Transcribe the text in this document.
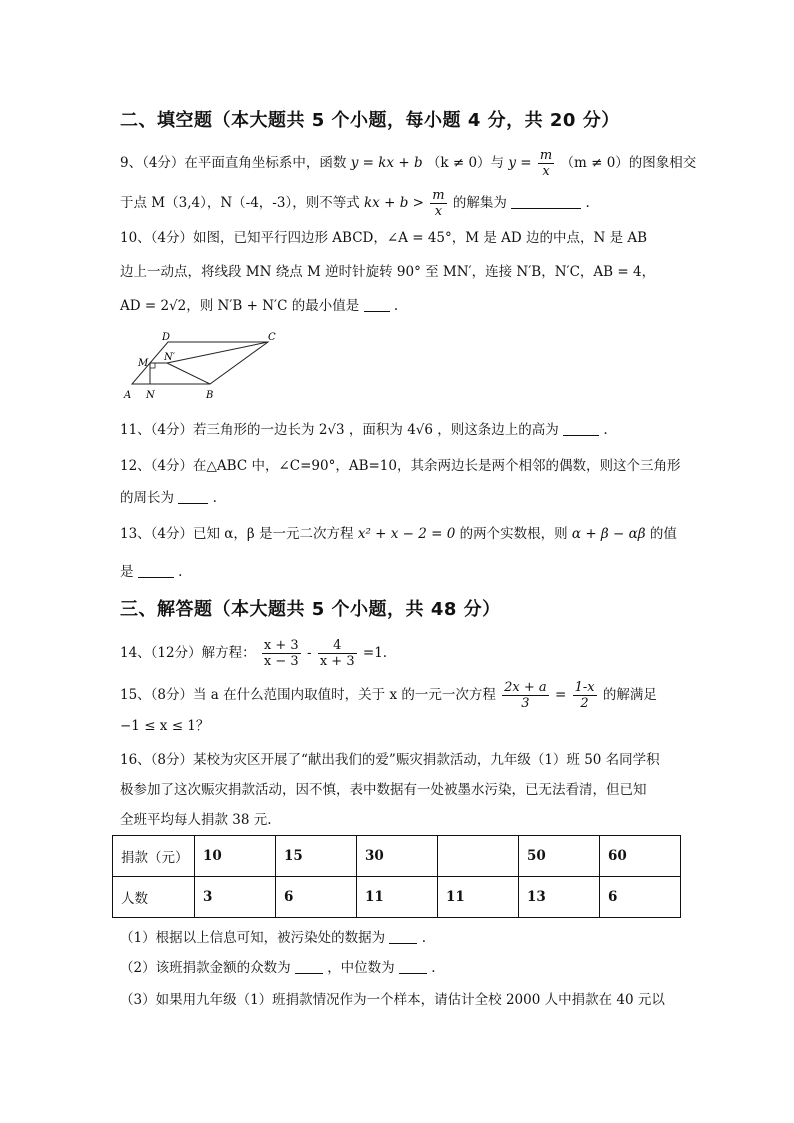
二、填空题（本大题共 5 个小题，每小题 4 分，共 20 分）
9、（4分）在平面直角坐标系中，函数 y = kx + b （k ≠ 0）与 $y = \frac{m}{x} (m \ne 0)$的图象相交
于点 M（3,4），N（-4，-3），则不等式 kx + $b > \frac{m}{x}$ 的解集为	.
10、（4分）如图，已知平行四边形 ABCD，∠A = 45°，M 是 AD 边的中点，N 是 AB
边上一动点，将线段 MN 绕点 M 逆时针旋转 90° 至 MN′，连接 N′B，N′C，AB = 4，
AD = 2√2，则 N′B + N′C 的最小值是	.
A	B
C
D
M
N
N′
11、（4分）若三角形的一边长为 2√3 ，面积为 4√6 ，则这条边上的高为	.
12、（4分）在△ABC 中，∠C=90°，AB=10，其余两边长是两个相邻的偶数，则这个三角形
的周长为	.
13、（4分）已知 α，β 是一元二次方程 x² + x − 2 = 0 的两个实数根，则 α + β − αβ 的值
是	.
三、解答题（本大题共 5 个小题，共 48 分）
14、（12分）解方程： $\frac{x + 3}{x - 3} - \frac{4}{x + 3} =1$.
15、（8分）当 a 在什么范围内取值时，关于 x 的一元一次方程 $\frac{2x + a}{3} = \frac{1-x}{2}$ 的解满足
−1 ≤ x ≤ 1？
16、（8分）某校为灾区开展了“献出我们的爱”赈灾捐款活动，九年级（1）班 50 名同学积
极参加了这次赈灾捐款活动，因不慎，表中数据有一处被墨水污染，已无法看清，但已知
全班平均每人捐款 38 元.
捐款（元）	10	15	30		50	60
人数	3	6	11	11	13	6
（1）根据以上信息可知，被污染处的数据为	.
（2）该班捐款金额的众数为	，中位数为	.
（3）如果用九年级（1）班捐款情况作为一个样本，请估计全校 2000 人中捐款在 40 元以
